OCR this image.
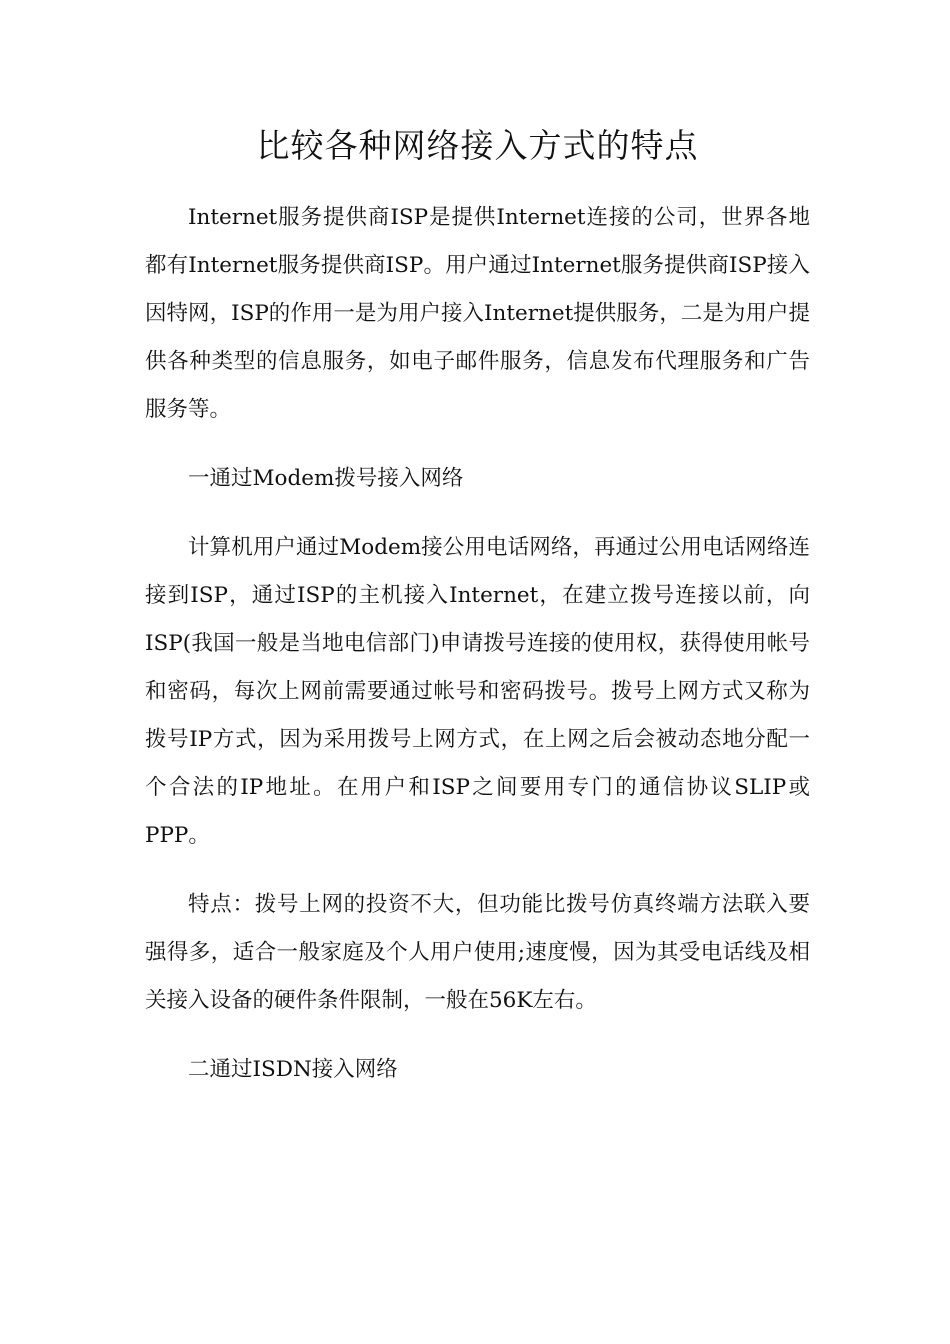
比较各种网络接入方式的特点

Internet服务提供商ISP是提供Internet连接的公司，世界各地都有Internet服务提供商ISP。用户通过Internet服务提供商ISP接入因特网，ISP的作用一是为用户接入Internet提供服务，二是为用户提供各种类型的信息服务，如电子邮件服务，信息发布代理服务和广告服务等。

一通过Modem拨号接入网络

计算机用户通过Modem接公用电话网络，再通过公用电话网络连接到ISP，通过ISP的主机接入Internet，在建立拨号连接以前，向ISP(我国一般是当地电信部门)申请拨号连接的使用权，获得使用帐号和密码，每次上网前需要通过帐号和密码拨号。拨号上网方式又称为拨号IP方式，因为采用拨号上网方式，在上网之后会被动态地分配一个合法的IP地址。在用户和ISP之间要用专门的通信协议SLIP或PPP。

特点：拨号上网的投资不大，但功能比拨号仿真终端方法联入要强得多，适合一般家庭及个人用户使用;速度慢，因为其受电话线及相关接入设备的硬件条件限制，一般在56K左右。

二通过ISDN接入网络
